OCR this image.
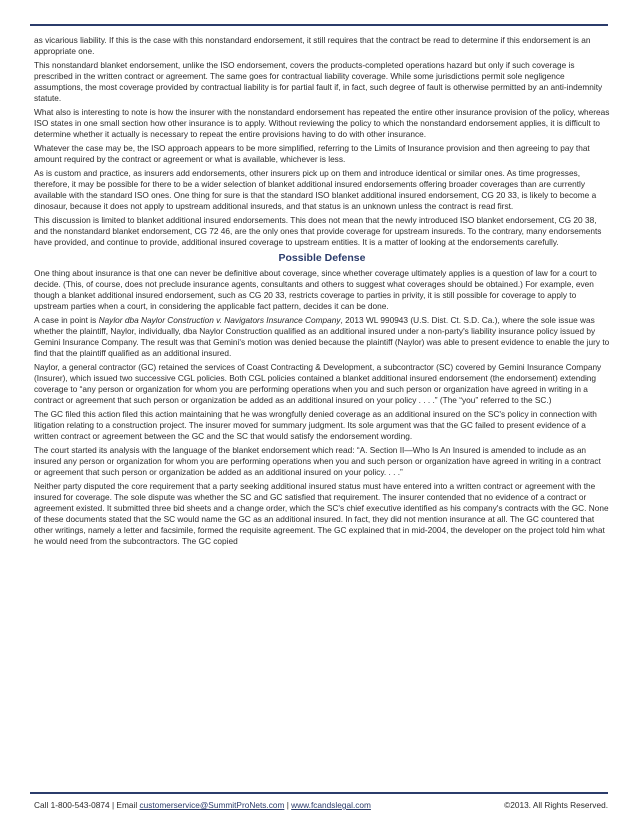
as vicarious liability. If this is the case with this nonstandard endorsement, it still requires that the contract be read to determine if this endorsement is an appropriate one.

This nonstandard blanket endorsement, unlike the ISO endorsement, covers the products-completed operations hazard but only if such coverage is prescribed in the written contract or agreement. The same goes for contractual liability coverage. While some jurisdictions permit sole negligence assumptions, the most coverage provided by contractual liability is for partial fault if, in fact, such degree of fault is otherwise permitted by an anti-indemnity statute.

What also is interesting to note is how the insurer with the nonstandard endorsement has repeated the entire other insurance provision of the policy, whereas ISO states in one small section how other insurance is to apply. Without reviewing the policy to which the nonstandard endorsement applies, it is difficult to determine whether it actually is necessary to repeat the entire provisions having to do with other insurance.

Whatever the case may be, the ISO approach appears to be more simplified, referring to the Limits of Insurance provision and then agreeing to pay that amount required by the contract or agreement or what is available, whichever is less.

As is custom and practice, as insurers add endorsements, other insurers pick up on them and introduce identical or similar ones. As time progresses, therefore, it may be possible for there to be a wider selection of blanket additional insured endorsements offering broader coverages than are currently available with the standard ISO ones. One thing for sure is that the standard ISO blanket additional insured endorsement, CG 20 33, is likely to become a dinosaur, because it does not apply to upstream additional insureds, and that status is an unknown unless the contract is read first.

This discussion is limited to blanket additional insured endorsements. This does not mean that the newly introduced ISO blanket endorsement, CG 20 38, and the nonstandard blanket endorsement, CG 72 46, are the only ones that provide coverage for upstream insureds. To the contrary, many endorsements have provided, and continue to provide, additional insured coverage to upstream entities. It is a matter of looking at the endorsements carefully.

Possible Defense

One thing about insurance is that one can never be definitive about coverage, since whether coverage ultimately applies is a question of law for a court to decide. (This, of course, does not preclude insurance agents, consultants and others to suggest what coverages should be obtained.) For example, even though a blanket additional insured endorsement, such as CG 20 33, restricts coverage to parties in privity, it is still possible for coverage to apply to upstream parties when a court, in considering the applicable fact pattern, decides it can be done.

A case in point is Naylor dba Naylor Construction v. Navigators Insurance Company, 2013 WL 990943 (U.S. Dist. Ct. S.D. Ca.), where the sole issue was whether the plaintiff, Naylor, individually, dba Naylor Construction qualified as an additional insured under a non-party's liability insurance policy issued by Gemini Insurance Company. The result was that Gemini's motion was denied because the plaintiff (Naylor) was able to present evidence to enable the jury to find that the plaintiff qualified as an additional insured.

Naylor, a general contractor (GC) retained the services of Coast Contracting & Development, a subcontractor (SC) covered by Gemini Insurance Company (Insurer), which issued two successive CGL policies. Both CGL policies contained a blanket additional insured endorsement (the endorsement) extending coverage to “any person or organization for whom you are performing operations when you and such person or organization have agreed in writing in a contract or agreement that such person or organization be added as an additional insured on your policy . . . .” (The “you” referred to the SC.)

The GC filed this action filed this action maintaining that he was wrongfully denied coverage as an additional insured on the SC's policy in connection with litigation relating to a construction project. The insurer moved for summary judgment. Its sole argument was that the GC failed to present evidence of a written contract or agreement between the GC and the SC that would satisfy the endorsement wording.

The court started its analysis with the language of the blanket endorsement which read: “A. Section II—Who Is An Insured is amended to include as an insured any person or organization for whom you are performing operations when you and such person or organization have agreed in writing in a contract or agreement that such person or organization be added as an additional insured on your policy. . . .”

Neither party disputed the core requirement that a party seeking additional insured status must have entered into a written contract or agreement with the insured for coverage. The sole dispute was whether the SC and GC satisfied that requirement. The insurer contended that no evidence of a contract or agreement existed. It submitted three bid sheets and a change order, which the SC's chief executive identified as his company's contracts with the GC. None of these documents stated that the SC would name the GC as an additional insured. In fact, they did not mention insurance at all. The GC countered that other writings, namely a letter and facsimile, formed the requisite agreement. The GC explained that in mid-2004, the developer on the project told him what he would need from the subcontractors. The GC copied

Call 1-800-543-0874 | Email customerservice@SummitProNets.com | www.fcandslegal.com	©2013. All Rights Reserved.
